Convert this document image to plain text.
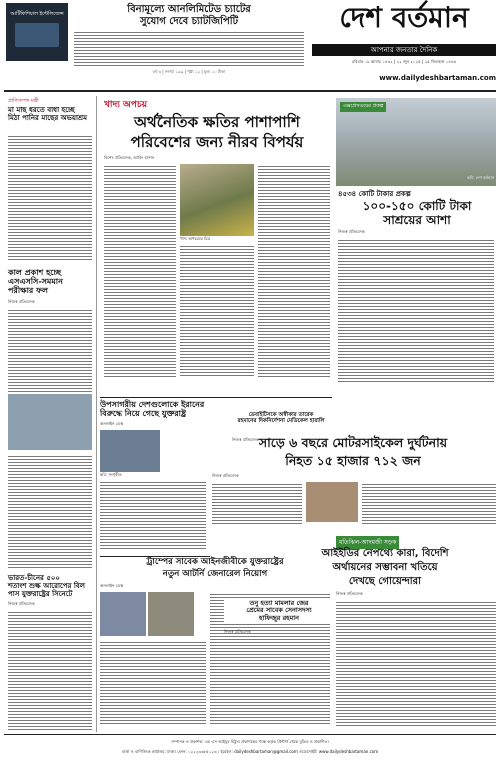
আর্টিফিশিয়াল ইন্টেলিজেন্স	বিনামূল্যে আনলিমিটেড চ্যাটের
সুযোগ দেবে চ্যাটজিপিটি	দেশ বর্তমান
আপনার জনতার দৈনিক
রবিবার ০৯ আষাঢ় ১৪৩২ | ২২ জুন ২০২৫ | ২৫ জিলহজ ১৪৪৬
বর্ষ ৩ | সংখ্যা ১৯৯ | পৃষ্ঠা ১২ | মূল্য ১০ টাকা
www.dailydeshbartaman.com
প্রাণিসম্পদ মন্ত্রী
মা মাছ ধরতে বাধা হচ্ছে
মিঠা পানির মাছের অভয়াশ্রম
কাল প্রকাশ হচ্ছে
এসএসসি-সমমান
পরীক্ষার ফল
নিজস্ব প্রতিবেদক
ভারত-চীনের ৫০০
শতাংশ শুল্ক আরোপের বিল
পাস যুক্তরাষ্ট্রের সিনেটে
নিজস্ব প্রতিবেদক
খাদ্য অপচয়
অর্থনৈতিক ক্ষতির পাশাপাশি
পরিবেশের জন্য নীরব বিপর্যয়
বিশেষ প্রতিবেদক, আবিদ হাসান
খাদ্য অপচয়ের চিত্র
এক্সপ্রেসওয়ের প্রকল্প
ছবি: দেশ বর্তমান
৪৫৩৪ কোটি টাকার প্রকল্প
১০০-১৫০ কোটি টাকা
সাশ্রয়ের আশা
নিজস্ব প্রতিবেদক
উপসাগরীয় দেশগুলোকে ইরানের
বিরুদ্ধে নিয়ে গেছে যুক্তরাষ্ট্র
অনলাইন ডেস্ক
ছবি: সংগৃহীত
ডেবাইটিসকে অস্বীকার তারেক
রহমানের দিকনির্দেশনা মেডিকেল হারালি
নিজস্ব প্রতিবেদক সাড়ে ৬ বছরে মোটরসাইকেল দুর্ঘটনায়
নিহত ১৫ হাজার ৭১২ জন
নিজস্ব প্রতিবেদক
ট্রাম্পের সাবেক আইনজীবীকে যুক্তরাষ্ট্রের
নতুন আটর্নি জেনারেল নিয়োগ
অনলাইন ডেস্ক
তনু হত্যা মামলার জের
প্রেমের সাবেক সেনাসদস্য
হাফিজুর রহমান
নিজস্ব প্রতিবেদক
মতিঝিল-আদমজী সড়ক
আইইডির নেপথ্যে কারা, বিদেশি
অর্থায়নের সম্ভাবনা খতিয়ে
দেখছে গোয়েন্দারা
নিজস্ব প্রতিবেদক
সম্পাদক ও প্রকাশক: এম এস আইযুব মিঠুন। প্রকাশকের পক্ষে কর্তৃক প্রিন্টার্স থেকে মুদ্রিত ও প্রকাশিত।
বার্তা ও বাণিজ্যিক কার্যালয়: ঢাকা। ফোন: ০২২২৩৩৮৫১২৩ । ইমেইল: dailydeshbartaman@gmail.com ওয়েবসাইট: www.dailydeshbartaman.com
